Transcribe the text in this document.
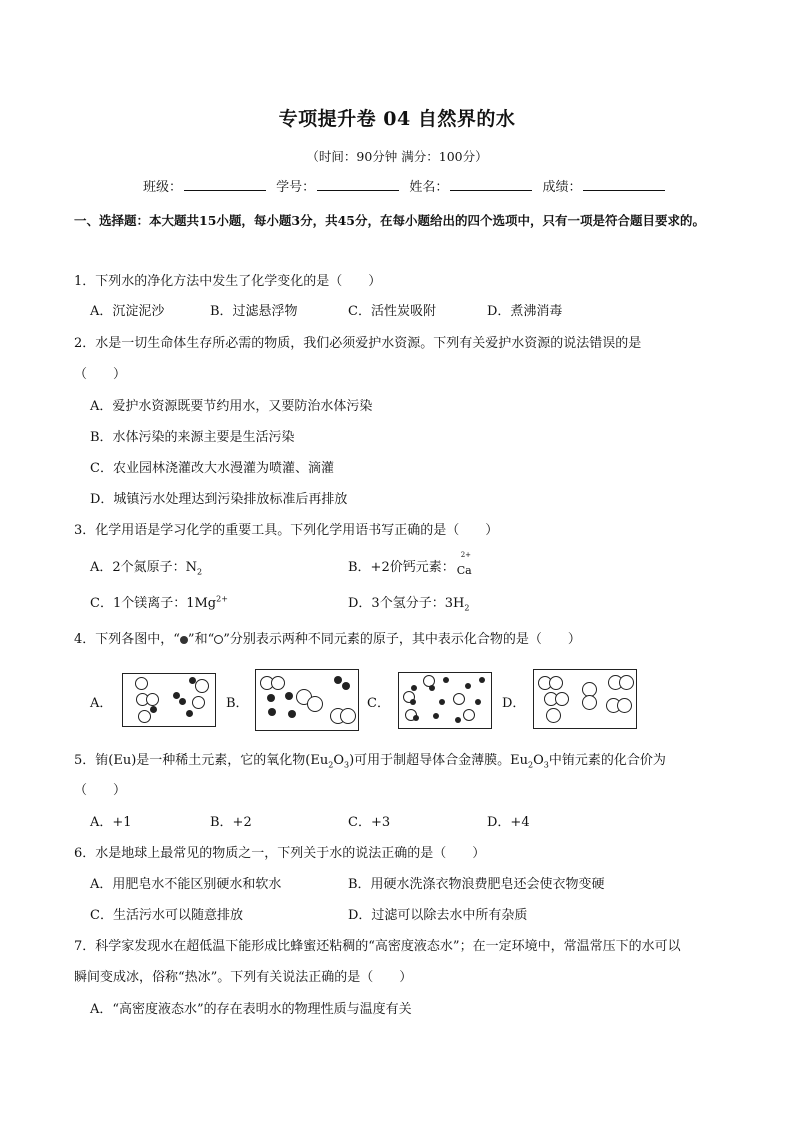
专项提升卷 04 自然界的水
（时间：90分钟 满分：100分）
班级：	学号：	姓名：	成绩：
一、选择题：本大题共15小题，每小题3分，共45分，在每小题给出的四个选项中，只有一项是符合题目要求的。
1．下列水的净化方法中发生了化学变化的是（　　）
A．沉淀泥沙	B．过滤悬浮物	C．活性炭吸附	D．煮沸消毒
2．水是一切生命体生存所必需的物质，我们必须爱护水资源。下列有关爱护水资源的说法错误的是
（　　）
A．爱护水资源既要节约用水，又要防治水体污染
B．水体污染的来源主要是生活污染
C．农业园林浇灌改大水漫灌为喷灌、滴灌
D．城镇污水处理达到污染排放标准后再排放
3．化学用语是学习化学的重要工具。下列化学用语书写正确的是（　　）
A．2个氮原子：$N_2$	B．+2价钙元素：
2+
$_{Ca}$
C．1个镁离子：$1Mg^{2+}$	D．3个氢分子：$3H_2$
4．下列各图中，“ ”和“ ”分别表示两种不同元素的原子，其中表示化合物的是（　　）
A．	B．	C．	D．
5．铕(Eu)是一种稀土元素，它的氧化物$(Eu_2O_3)$可用于制超导体合金薄膜。$Eu_2O_3$中铕元素的化合价为
（　　）
A．+1	B．+2	C．+3	D．+4
6．水是地球上最常见的物质之一，下列关于水的说法正确的是（　　）
A．用肥皂水不能区别硬水和软水	B．用硬水洗涤衣物浪费肥皂还会使衣物变硬
C．生活污水可以随意排放	D．过滤可以除去水中所有杂质
7．科学家发现水在超低温下能形成比蜂蜜还粘稠的“高密度液态水”；在一定环境中，常温常压下的水可以
瞬间变成冰，俗称“热冰”。下列有关说法正确的是（　　）
A．“高密度液态水”的存在表明水的物理性质与温度有关
